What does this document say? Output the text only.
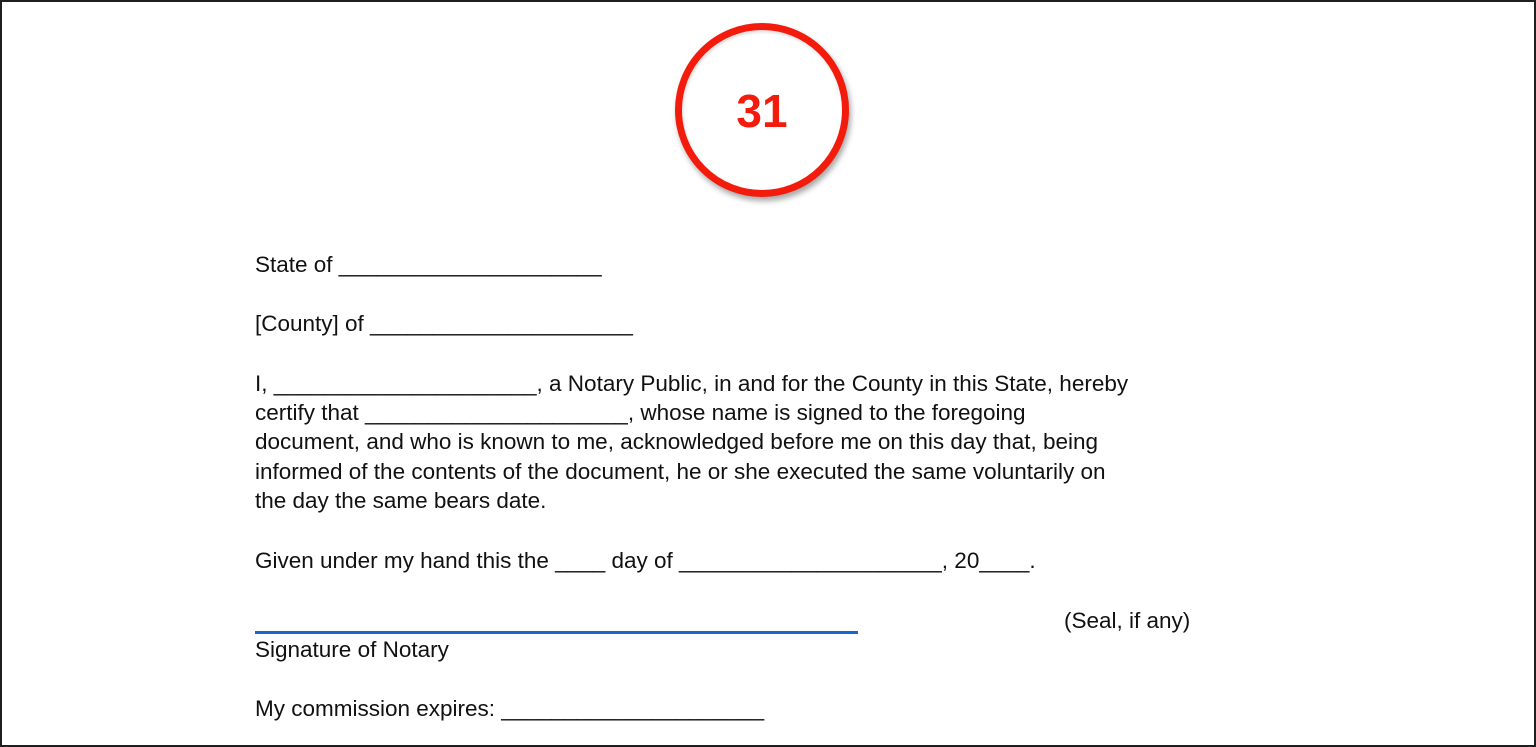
31
State of _____________________
[County] of _____________________
I, _____________________, a Notary Public, in and for the County in this State, hereby
certify that _____________________, whose name is signed to the foregoing
document, and who is known to me, acknowledged before me on this day that, being
informed of the contents of the document, he or she executed the same voluntarily on
the day the same bears date.
Given under my hand this the ____ day of _____________________, 20____.
(Seal, if any)
Signature of Notary
My commission expires: _____________________
